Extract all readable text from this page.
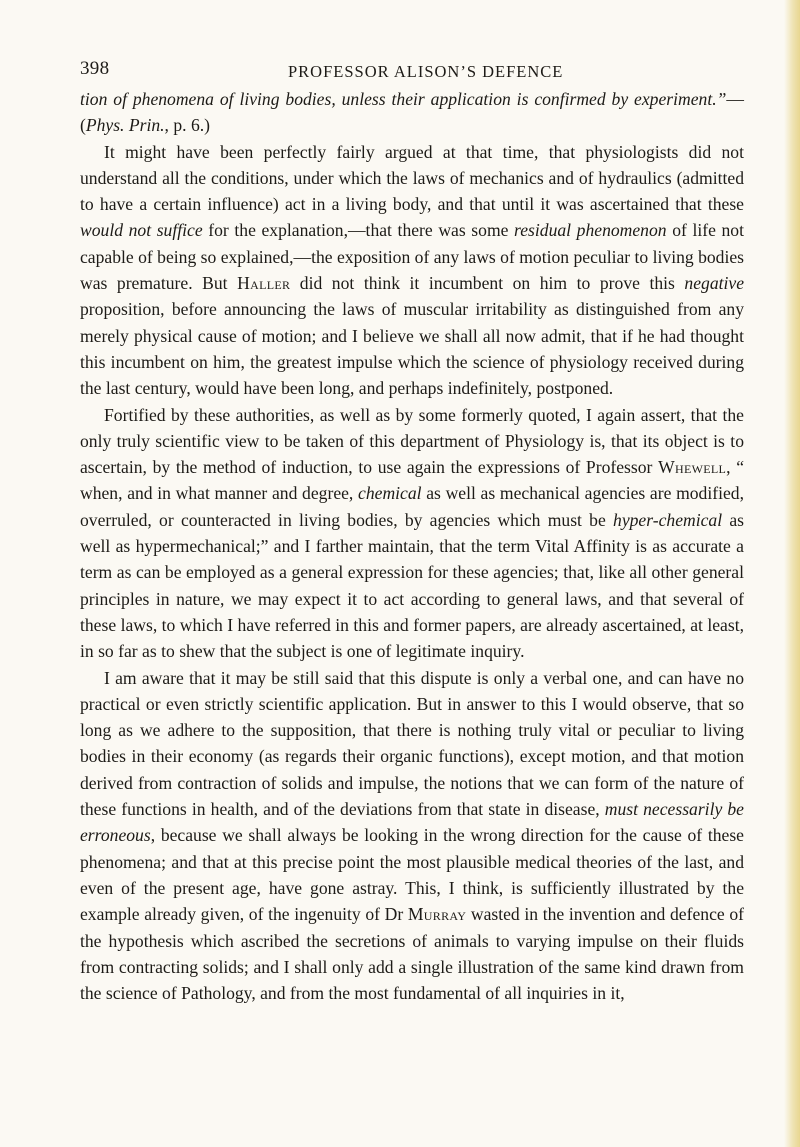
398	PROFESSOR ALISON’S DEFENCE

tion of phenomena of living bodies, unless their application is confirmed by experiment.”—(Phys. Prin., p. 6.)

It might have been perfectly fairly argued at that time, that physiologists did not understand all the conditions, under which the laws of mechanics and of hydraulics (admitted to have a certain influence) act in a living body, and that until it was ascertained that these would not suffice for the explanation,—that there was some residual phenomenon of life not capable of being so explained,—the exposition of any laws of motion peculiar to living bodies was premature. But Haller did not think it incumbent on him to prove this negative proposition, before announcing the laws of muscular irritability as distinguished from any merely physical cause of motion; and I believe we shall all now admit, that if he had thought this incumbent on him, the greatest impulse which the science of physiology received during the last century, would have been long, and perhaps indefinitely, postponed.

Fortified by these authorities, as well as by some formerly quoted, I again assert, that the only truly scientific view to be taken of this department of Physiology is, that its object is to ascertain, by the method of induction, to use again the expressions of Professor Whewell, “ when, and in what manner and degree, chemical as well as mechanical agencies are modified, overruled, or counteracted in living bodies, by agencies which must be hyper-chemical as well as hypermechanical;” and I farther maintain, that the term Vital Affinity is as accurate a term as can be employed as a general expression for these agencies; that, like all other general principles in nature, we may expect it to act according to general laws, and that several of these laws, to which I have referred in this and former papers, are already ascertained, at least, in so far as to shew that the subject is one of legitimate inquiry.

I am aware that it may be still said that this dispute is only a verbal one, and can have no practical or even strictly scientific application. But in answer to this I would observe, that so long as we adhere to the supposition, that there is nothing truly vital or peculiar to living bodies in their economy (as regards their organic functions), except motion, and that motion derived from contraction of solids and impulse, the notions that we can form of the nature of these functions in health, and of the deviations from that state in disease, must necessarily be erroneous, because we shall always be looking in the wrong direction for the cause of these phenomena; and that at this precise point the most plausible medical theories of the last, and even of the present age, have gone astray. This, I think, is sufficiently illustrated by the example already given, of the ingenuity of Dr Murray wasted in the invention and defence of the hypothesis which ascribed the secretions of animals to varying impulse on their fluids from contracting solids; and I shall only add a single illustration of the same kind drawn from the science of Pathology, and from the most fundamental of all inquiries in it,
